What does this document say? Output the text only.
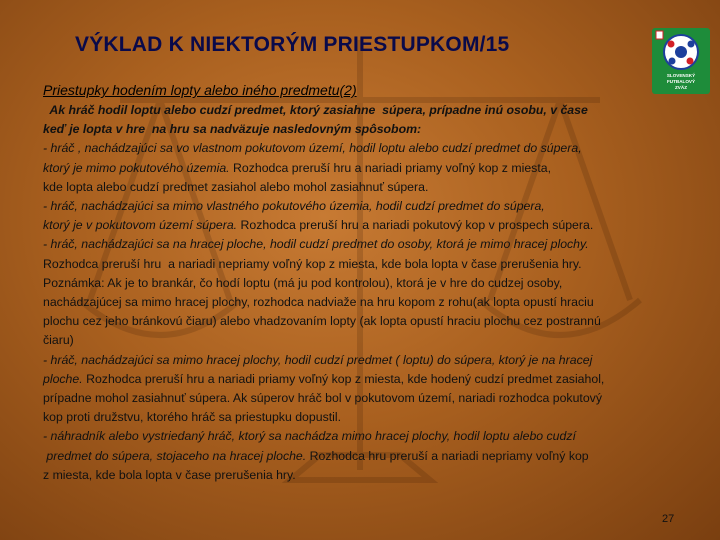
VÝKLAD K NIEKTORÝM PRIESTUPKOM/15
SLOVENSKÝ
FUTBALOVÝ
ZVÄZ
Priestupky hodením lopty alebo iného predmetu(2)
Ak hráč hodil loptu alebo cudzí predmet, ktorý zasiahne  súpera, prípadne inú osobu, v čase
keď je lopta v hre  na hru sa nadväzuje nasledovným spôsobom:
- hráč , nachádzajúci sa vo vlastnom pokutovom území, hodil loptu alebo cudzí predmet do súpera,
ktorý je mimo pokutového územia. Rozhodca preruší hru a nariadi priamy voľný kop z miesta,
kde lopta alebo cudzí predmet zasiahol alebo mohol zasiahnuť súpera.
- hráč, nachádzajúci sa mimo vlastného pokutového územia, hodil cudzí predmet do súpera,
ktorý je v pokutovom území súpera. Rozhodca preruší hru a nariadi pokutový kop v prospech súpera.
- hráč, nachádzajúci sa na hracej ploche, hodil cudzí predmet do osoby, ktorá je mimo hracej plochy.
Rozhodca preruší hru  a nariadi nepriamy voľný kop z miesta, kde bola lopta v čase prerušenia hry.
Poznámka: Ak je to brankár, čo hodí loptu (má ju pod kontrolou), ktorá je v hre do cudzej osoby,
nachádzajúcej sa mimo hracej plochy, rozhodca nadviaže na hru kopom z rohu(ak lopta opustí hraciu
plochu cez jeho bránkovú čiaru) alebo vhadzovaním lopty (ak lopta opustí hraciu plochu cez postrannú
čiaru)
- hráč, nachádzajúci sa mimo hracej plochy, hodil cudzí predmet ( loptu) do súpera, ktorý je na hracej
ploche. Rozhodca preruší hru a nariadi priamy voľný kop z miesta, kde hodený cudzí predmet zasiahol,
prípadne mohol zasiahnuť súpera. Ak súperov hráč bol v pokutovom území, nariadi rozhodca pokutový
kop proti družstvu, ktorého hráč sa priestupku dopustil.
- náhradník alebo vystriedaný hráč, ktorý sa nachádza mimo hracej plochy, hodil loptu alebo cudzí
predmet do súpera, stojaceho na hracej ploche. Rozhodca hru preruší a nariadi nepriamy voľný kop
z miesta, kde bola lopta v čase prerušenia hry.
27
